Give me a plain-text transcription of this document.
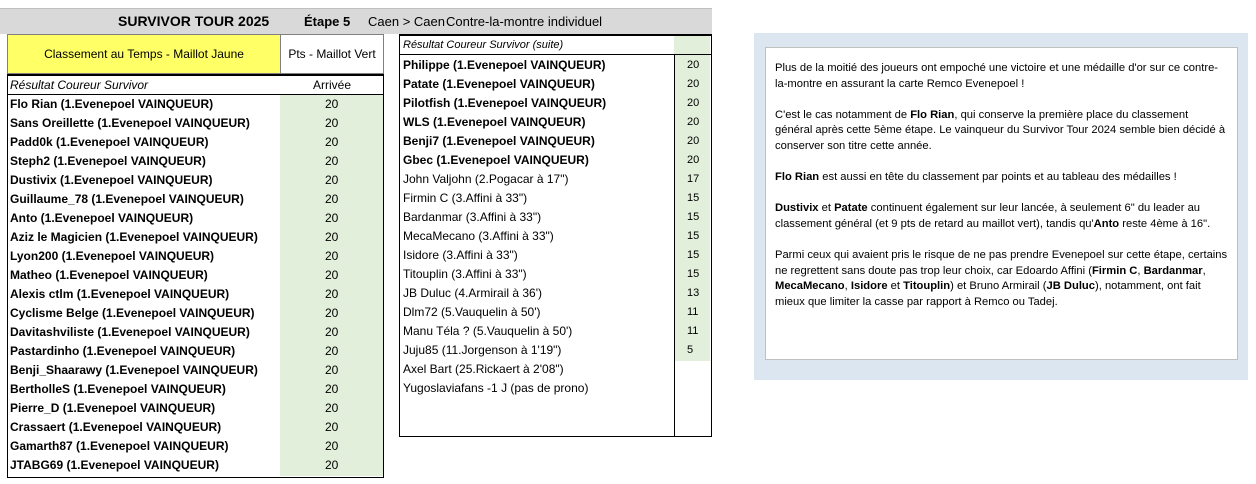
SURVIVOR TOUR 2025	Étape 5 Caen > Caen Contre-la-montre individuel
Classement au Temps - Maillot Jaune	Pts - Maillot Vert
Résultat Coureur Survivor	Arrivée
Flo Rian (1.Evenepoel VAINQUEUR)	20
Sans Oreillette (1.Evenepoel VAINQUEUR)	20
Padd0k (1.Evenepoel VAINQUEUR)	20
Steph2 (1.Evenepoel VAINQUEUR)	20
Dustivix (1.Evenepoel VAINQUEUR)	20
Guillaume_78 (1.Evenepoel VAINQUEUR)	20
Anto (1.Evenepoel VAINQUEUR)	20
Aziz le Magicien (1.Evenepoel VAINQUEUR)	20
Lyon200 (1.Evenepoel VAINQUEUR)	20
Matheo (1.Evenepoel VAINQUEUR)	20
Alexis ctlm (1.Evenepoel VAINQUEUR)	20
Cyclisme Belge (1.Evenepoel VAINQUEUR)	20
Davitashviliste (1.Evenepoel VAINQUEUR)	20
Pastardinho (1.Evenepoel VAINQUEUR)	20
Benji_Shaarawy (1.Evenepoel VAINQUEUR)	20
BertholleS (1.Evenepoel VAINQUEUR)	20
Pierre_D (1.Evenepoel VAINQUEUR)	20
Crassaert (1.Evenepoel VAINQUEUR)	20
Gamarth87 (1.Evenepoel VAINQUEUR)	20
JTABG69 (1.Evenepoel VAINQUEUR)	20
Résultat Coureur Survivor (suite)
Philippe (1.Evenepoel VAINQUEUR)	20
Patate (1.Evenepoel VAINQUEUR)	20
Pilotfish (1.Evenepoel VAINQUEUR)	20
WLS (1.Evenepoel VAINQUEUR)	20
Benji7 (1.Evenepoel VAINQUEUR)	20
Gbec (1.Evenepoel VAINQUEUR)	20
John Valjohn (2.Pogacar à 17")	17
Firmin C (3.Affini à 33")	15
Bardanmar (3.Affini à 33")	15
MecaMecano (3.Affini à 33")	15
Isidore (3.Affini à 33")	15
Titouplin (3.Affini à 33")	15
JB Duluc (4.Armirail à 36')	13
Dlm72 (5.Vauquelin à 50')	11
Manu Téla ? (5.Vauquelin à 50')	11
Juju85 (11.Jorgenson à 1'19")	5
Axel Bart (25.Rickaert à 2'08")
Yugoslaviafans -1 J (pas de prono)

Plus de la moitié des joueurs ont empoché une victoire et une médaille d'or sur ce contre-la-montre en assurant la carte Remco Evenepoel !

C'est le cas notamment de Flo Rian, qui conserve la première place du classement général après cette 5ème étape. Le vainqueur du Survivor Tour 2024 semble bien décidé à conserver son titre cette année.

Flo Rian est aussi en tête du classement par points et au tableau des médailles !

Dustivix et Patate continuent également sur leur lancée, à seulement 6" du leader au classement général (et 9 pts de retard au maillot vert), tandis qu'Anto reste 4ème à 16".

Parmi ceux qui avaient pris le risque de ne pas prendre Evenepoel sur cette étape, certains ne regrettent sans doute pas trop leur choix, car Edoardo Affini (Firmin C, Bardanmar, MecaMecano, Isidore et Titouplin) et Bruno Armirail (JB Duluc), notamment, ont fait mieux que limiter la casse par rapport à Remco ou Tadej.
